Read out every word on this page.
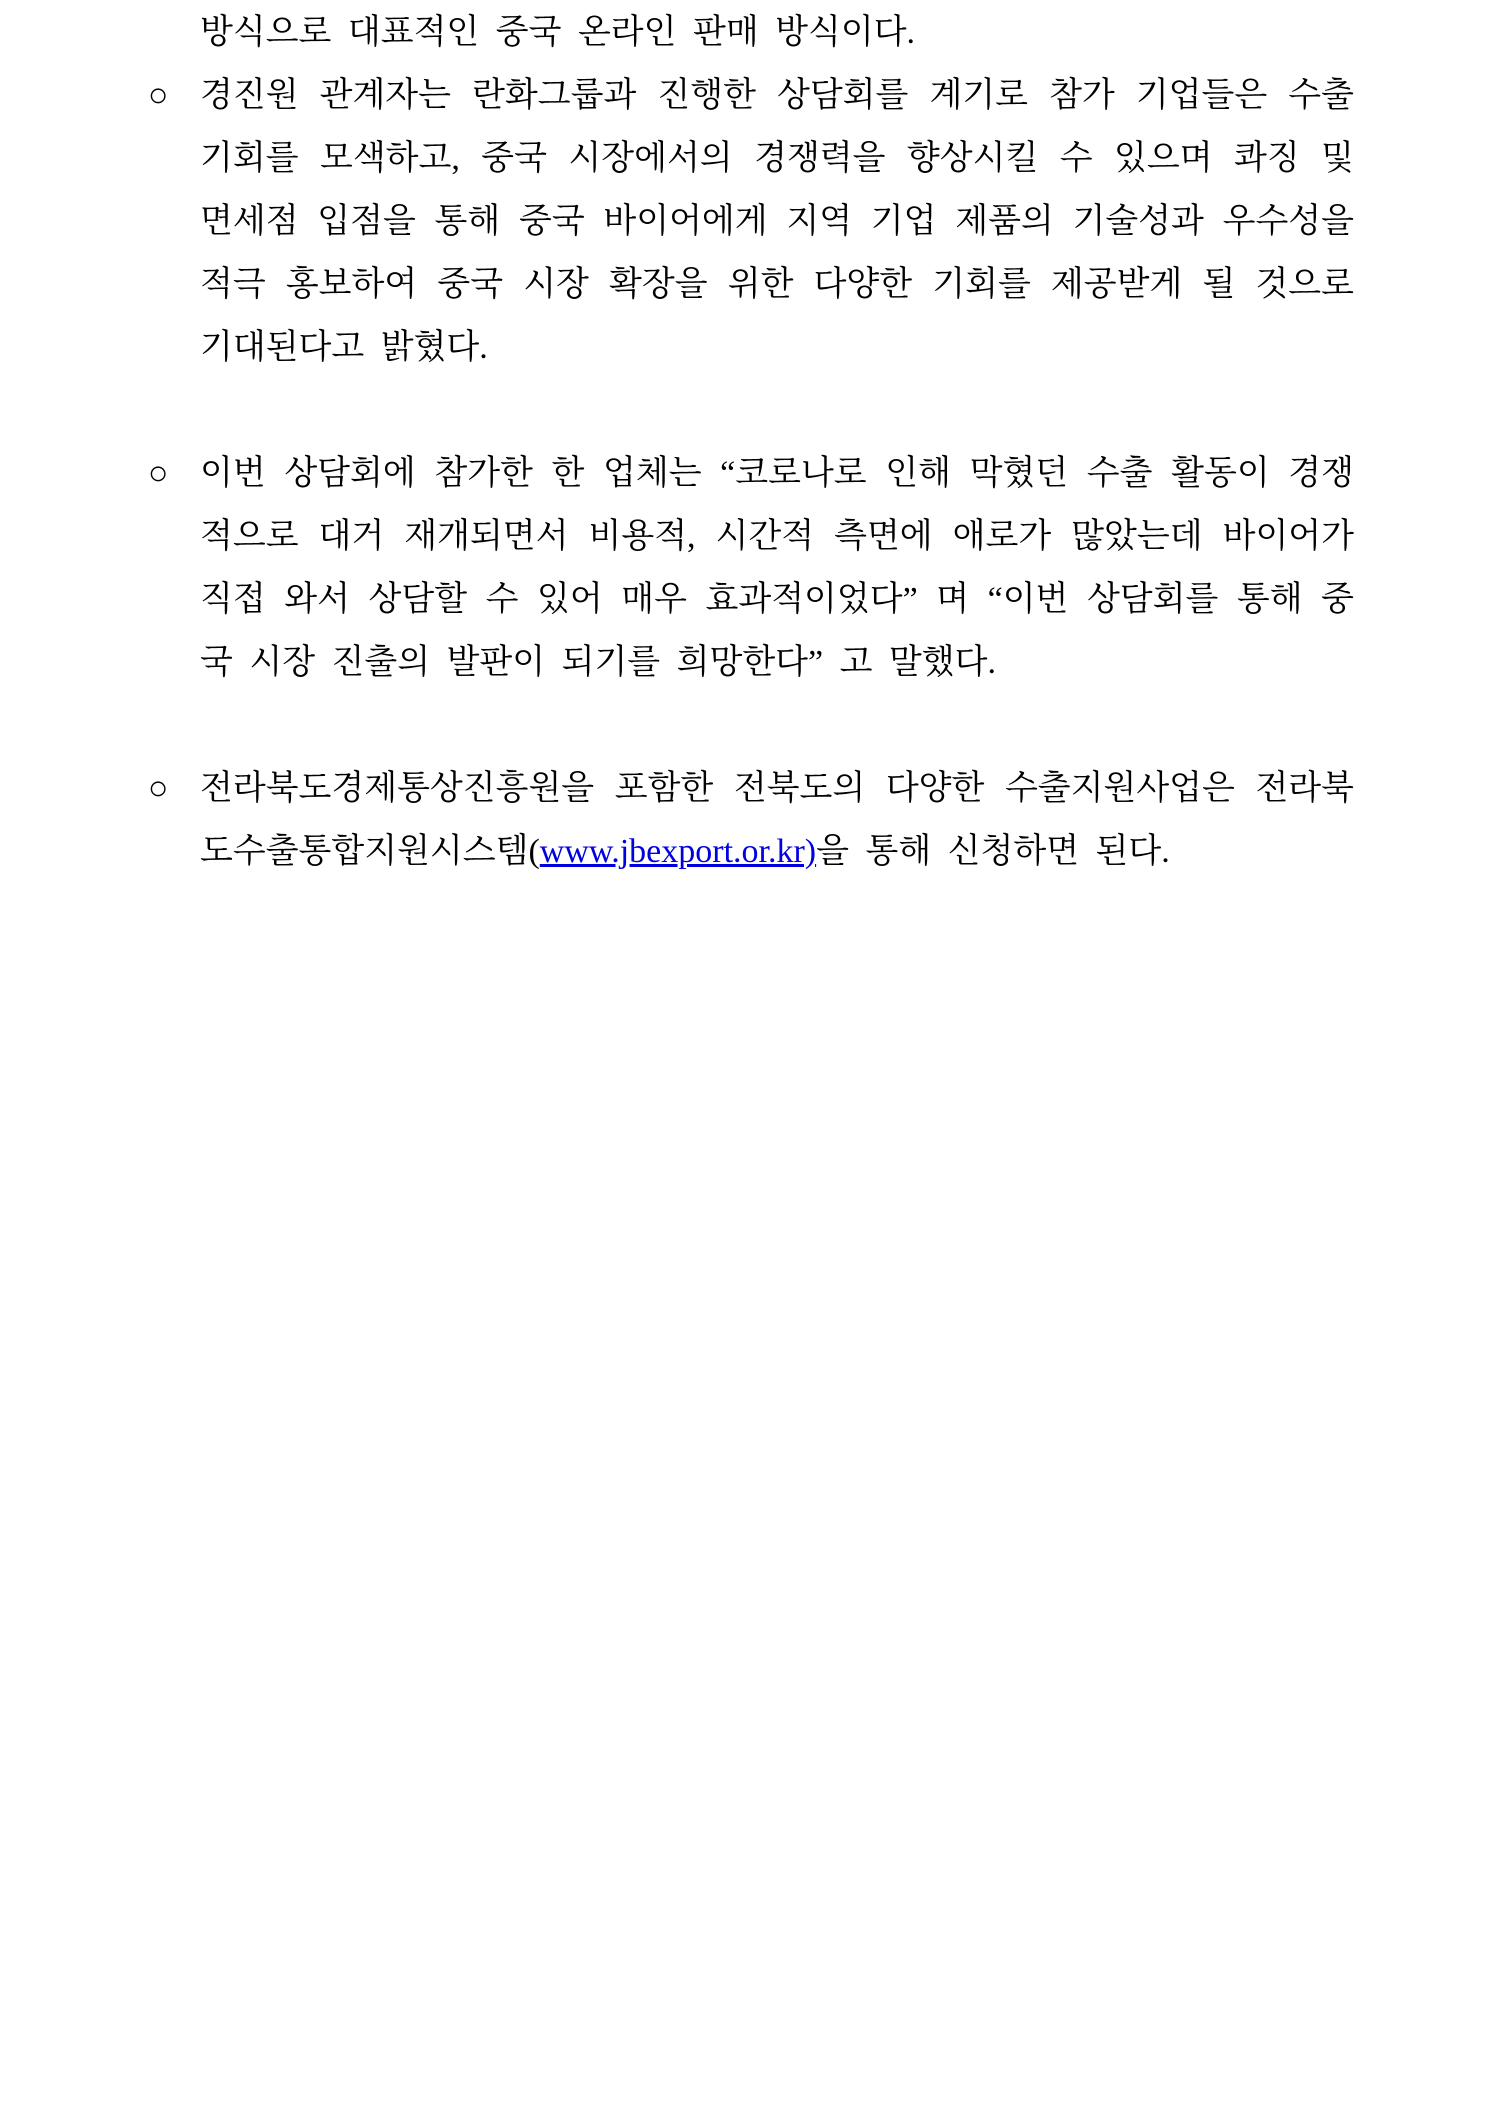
방식으로 대표적인 중국 온라인 판매 방식이다.

○ 경진원 관계자는 란화그룹과 진행한 상담회를 계기로 참가 기업들은 수출 기회를 모색하고, 중국 시장에서의 경쟁력을 향상시킬 수 있으며 콰징 및 면세점 입점을 통해 중국 바이어에게 지역 기업 제품의 기술성과 우수성을 적극 홍보하여 중국 시장 확장을 위한 다양한 기회를 제공받게 될 것으로 기대된다고 밝혔다.
○ 이번 상담회에 참가한 한 업체는 “코로나로 인해 막혔던 수출 활동이 경쟁적으로 대거 재개되면서 비용적, 시간적 측면에 애로가 많았는데 바이어가 직접 와서 상담할 수 있어 매우 효과적이었다” 며 “이번 상담회를 통해 중국 시장 진출의 발판이 되기를 희망한다” 고 말했다.
○ 전라북도경제통상진흥원을 포함한 전북도의 다양한 수출지원사업은 전라북도수출통합지원시스템(www.jbexport.or.kr)을 통해 신청하면 된다.
